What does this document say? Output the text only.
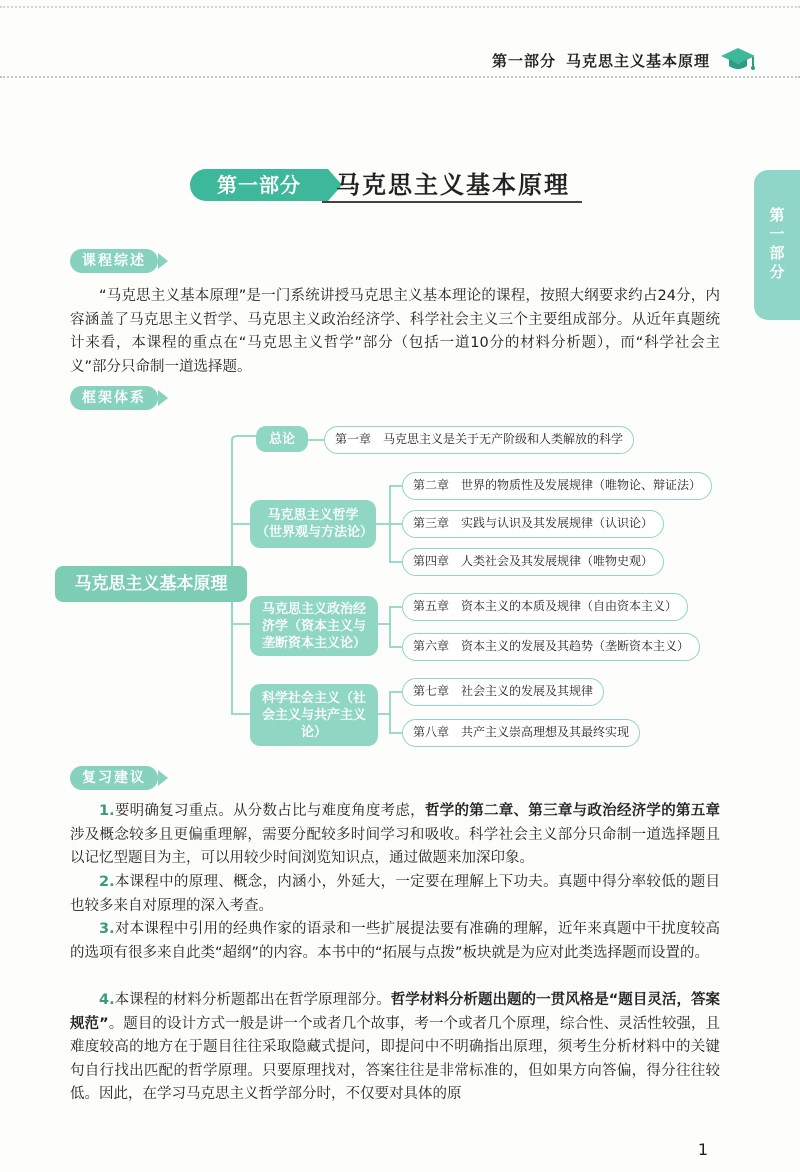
第一部分 马克思主义基本原理
第一部分
第一部分	马克思主义基本原理
课程综述
“马克思主义基本原理”是一门系统讲授马克思主义基本理论的课程，按照大纲要求约占24分，内容涵盖了马克思主义哲学、马克思主义政治经济学、科学社会主义三个主要组成部分。从近年真题统计来看，本课程的重点在“马克思主义哲学”部分（包括一道10分的材料分析题），而“科学社会主义”部分只命制一道选择题。
框架体系
马克思主义基本原理
总论
马克思主义哲学（世界观与方法论）
马克思主义政治经济学（资本主义与垄断资本主义论）
科学社会主义（社会主义与共产主义论）
第一章　马克思主义是关于无产阶级和人类解放的科学
第二章　世界的物质性及发展规律（唯物论、辩证法）
第三章　实践与认识及其发展规律（认识论）
第四章　人类社会及其发展规律（唯物史观）
第五章　资本主义的本质及规律（自由资本主义）
第六章　资本主义的发展及其趋势（垄断资本主义）
第七章　社会主义的发展及其规律
第八章　共产主义崇高理想及其最终实现
复习建议
1.要明确复习重点。从分数占比与难度角度考虑，哲学的第二章、第三章与政治经济学的第五章涉及概念较多且更偏重理解，需要分配较多时间学习和吸收。科学社会主义部分只命制一道选择题且以记忆型题目为主，可以用较少时间浏览知识点，通过做题来加深印象。
2.本课程中的原理、概念，内涵小，外延大，一定要在理解上下功夫。真题中得分率较低的题目也较多来自对原理的深入考查。
3.对本课程中引用的经典作家的语录和一些扩展提法要有准确的理解，近年来真题中干扰度较高的选项有很多来自此类“超纲”的内容。本书中的“拓展与点拨”板块就是为应对此类选择题而设置的。
4.本课程的材料分析题都出在哲学原理部分。哲学材料分析题出题的一贯风格是“题目灵活，答案规范”。题目的设计方式一般是讲一个或者几个故事，考一个或者几个原理，综合性、灵活性较强，且难度较高的地方在于题目往往采取隐藏式提问，即提问中不明确指出原理，须考生分析材料中的关键句自行找出匹配的哲学原理。只要原理找对，答案往往是非常标准的，但如果方向答偏，得分往往较低。因此，在学习马克思主义哲学部分时，不仅要对具体的原
1
